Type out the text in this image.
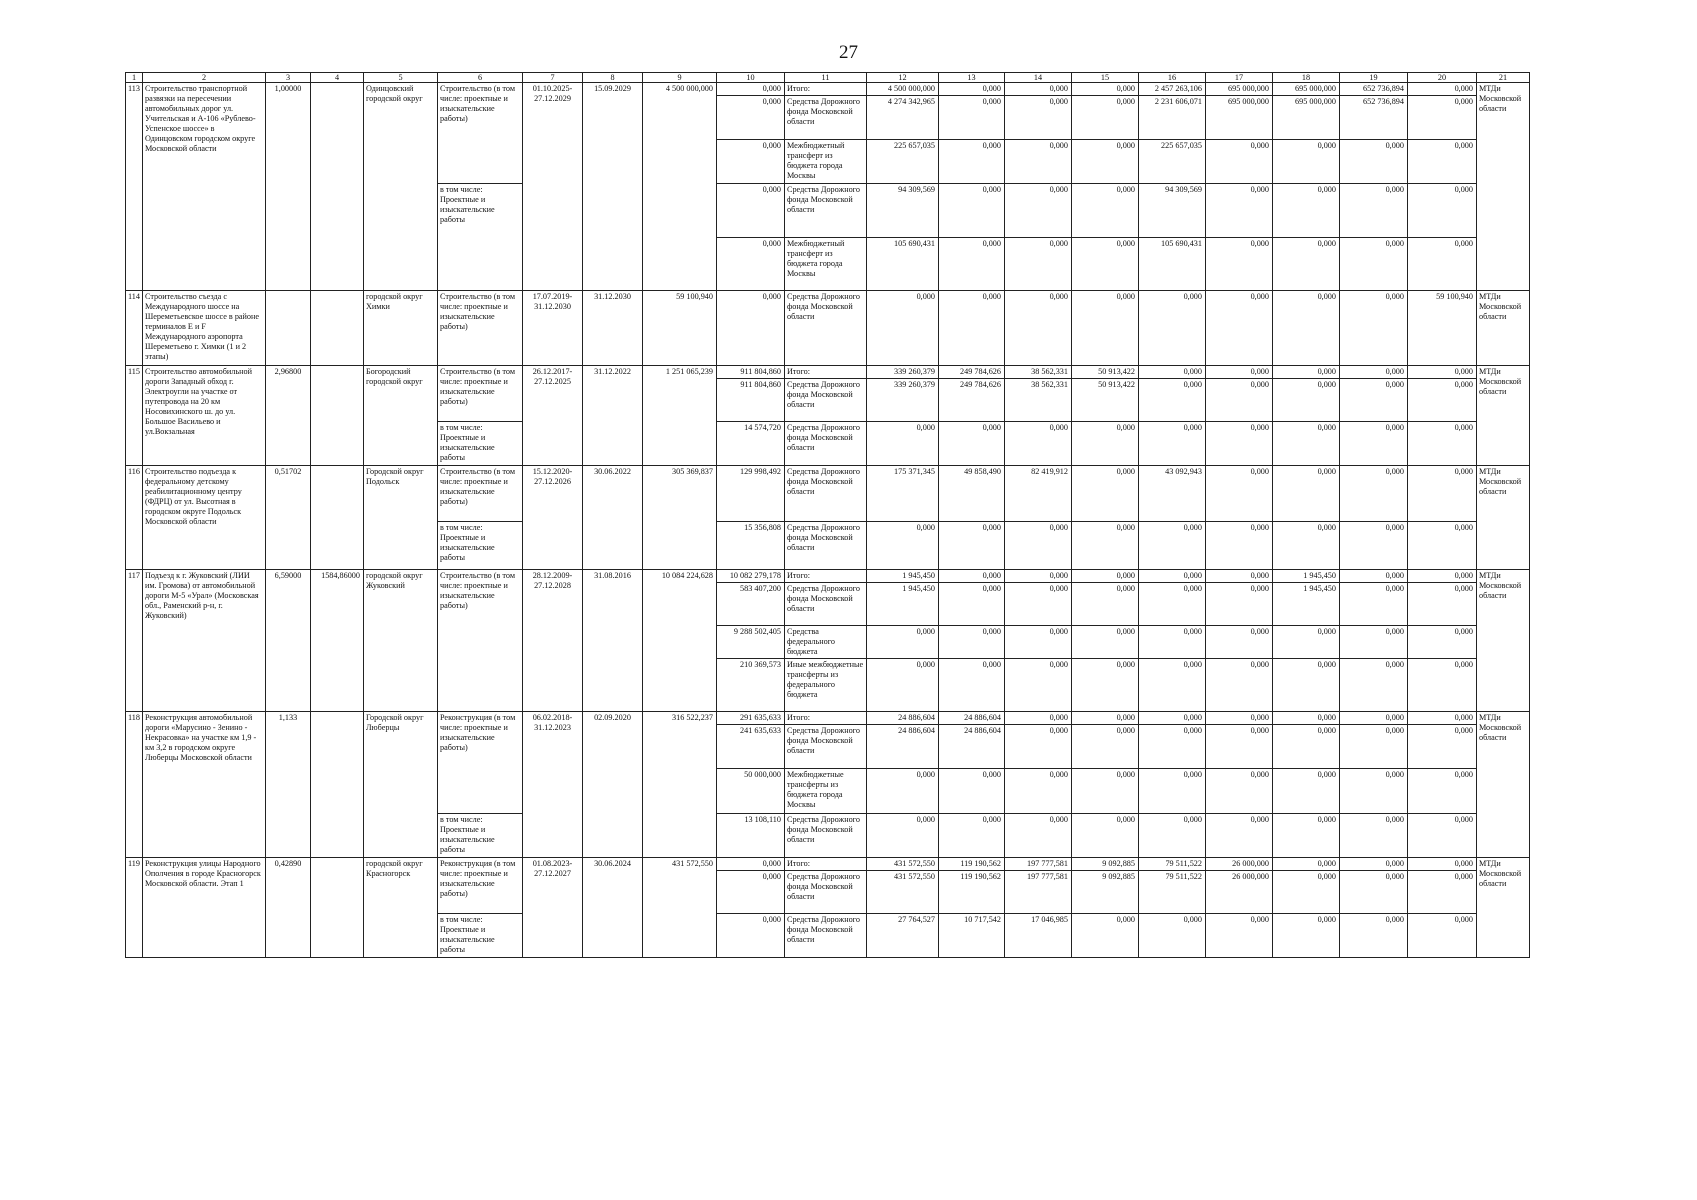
27
1	2	3	4	5	6	7	8	9	10	11	12	13	14	15	16	17	18	19	20	21
113	Строительство транспортной развязки на пересечении автомобильных дорог ул. Учительская и А-106 «Рублево-Успенское шоссе» в Одинцовском городском округе Московской области	1,00000		Одинцовский городской округ	Строительство (в том числе: проектные и изыскательские работы)	01.10.2025-27.12.2029	15.09.2029	4 500 000,000	0,000	Итого:	4 500 000,000	0,000	0,000	0,000	2 457 263,106	695 000,000	695 000,000	652 736,894	0,000	МТДи Московской области
									0,000	Средства Дорожного фонда Московской области	4 274 342,965	0,000	0,000	0,000	2 231 606,071	695 000,000	695 000,000	652 736,894	0,000	
									0,000	Межбюджетный трансферт из бюджета города Москвы	225 657,035	0,000	0,000	0,000	225 657,035	0,000	0,000	0,000	0,000	
					в том числе: Проектные и изыскательские работы				0,000	Средства Дорожного фонда Московской области	94 309,569	0,000	0,000	0,000	94 309,569	0,000	0,000	0,000	0,000	
									0,000	Межбюджетный трансферт из бюджета города Москвы	105 690,431	0,000	0,000	0,000	105 690,431	0,000	0,000	0,000	0,000	
114	Строительство съезда с Международного шоссе на Шереметьевское шоссе в районе терминалов E и F Международного аэропорта Шереметьево г. Химки (1 и 2 этапы)			городской округ Химки	Строительство (в том числе: проектные и изыскательские работы)	17.07.2019-31.12.2030	31.12.2030	59 100,940	0,000	Средства Дорожного фонда Московской области	0,000	0,000	0,000	0,000	0,000	0,000	0,000	0,000	59 100,940	МТДи Московской области
115	Строительство автомобильной дороги Западный обход г. Электроугли на участке от путепровода на 20 км Носовихинского ш. до ул. Большое Васильево и ул.Вокзальная	2,96800		Богородский городской округ	Строительство (в том числе: проектные и изыскательские работы)	26.12.2017-27.12.2025	31.12.2022	1 251 065,239	911 804,860	Итого:	339 260,379	249 784,626	38 562,331	50 913,422	0,000	0,000	0,000	0,000	0,000	МТДи Московской области
									911 804,860	Средства Дорожного фонда Московской области	339 260,379	249 784,626	38 562,331	50 913,422	0,000	0,000	0,000	0,000	0,000	
					в том числе: Проектные и изыскательские работы				14 574,720	Средства Дорожного фонда Московской области	0,000	0,000	0,000	0,000	0,000	0,000	0,000	0,000	0,000	
116	Строительство подъезда к федеральному детскому реабилитационному центру (ФДРЦ) от ул. Высотная в городском округе Подольск Московской области	0,51702		Городской округ Подольск	Строительство (в том числе: проектные и изыскательские работы)	15.12.2020-27.12.2026	30.06.2022	305 369,837	129 998,492	Средства Дорожного фонда Московской области	175 371,345	49 858,490	82 419,912	0,000	43 092,943	0,000	0,000	0,000	0,000	МТДи Московской области
					в том числе: Проектные и изыскательские работы				15 356,808	Средства Дорожного фонда Московской области	0,000	0,000	0,000	0,000	0,000	0,000	0,000	0,000	0,000	
117	Подъезд к г. Жуковский (ЛИИ им. Громова) от автомобильной дороги М-5 «Урал» (Московская обл., Раменский р-н, г. Жуковский)	6,59000	1584,86000	городской округ Жуковский	Строительство (в том числе: проектные и изыскательские работы)	28.12.2009-27.12.2028	31.08.2016	10 084 224,628	10 082 279,178	Итого:	1 945,450	0,000	0,000	0,000	0,000	0,000	1 945,450	0,000	0,000	МТДи Московской области
									583 407,200	Средства Дорожного фонда Московской области	1 945,450	0,000	0,000	0,000	0,000	0,000	1 945,450	0,000	0,000	
									9 288 502,405	Средства федерального бюджета	0,000	0,000	0,000	0,000	0,000	0,000	0,000	0,000	0,000	
									210 369,573	Иные межбюджетные трансферты из федерального бюджета	0,000	0,000	0,000	0,000	0,000	0,000	0,000	0,000	0,000	
118	Реконструкция автомобильной дороги «Марусино - Зенино - Некрасовка» на участке км 1,9 - км 3,2 в городском округе Люберцы Московской области	1,133		Городской округ Люберцы	Реконструкция (в том числе: проектные и изыскательские работы)	06.02.2018-31.12.2023	02.09.2020	316 522,237	291 635,633	Итого:	24 886,604	24 886,604	0,000	0,000	0,000	0,000	0,000	0,000	0,000	МТДи Московской области
									241 635,633	Средства Дорожного фонда Московской области	24 886,604	24 886,604	0,000	0,000	0,000	0,000	0,000	0,000	0,000	
									50 000,000	Межбюджетные трансферты из бюджета города Москвы	0,000	0,000	0,000	0,000	0,000	0,000	0,000	0,000	0,000	
					в том числе: Проектные и изыскательские работы				13 108,110	Средства Дорожного фонда Московской области	0,000	0,000	0,000	0,000	0,000	0,000	0,000	0,000	0,000	
119	Реконструкция улицы Народного Ополчения в городе Красногорск Московской области. Этап 1	0,42890		городской округ Красногорск	Реконструкция (в том числе: проектные и изыскательские работы)	01.08.2023-27.12.2027	30.06.2024	431 572,550	0,000	Итого:	431 572,550	119 190,562	197 777,581	9 092,885	79 511,522	26 000,000	0,000	0,000	0,000	МТДи Московской области
									0,000	Средства Дорожного фонда Московской области	431 572,550	119 190,562	197 777,581	9 092,885	79 511,522	26 000,000	0,000	0,000	0,000	
					в том числе: Проектные и изыскательские работы				0,000	Средства Дорожного фонда Московской области	27 764,527	10 717,542	17 046,985	0,000	0,000	0,000	0,000	0,000	0,000	
